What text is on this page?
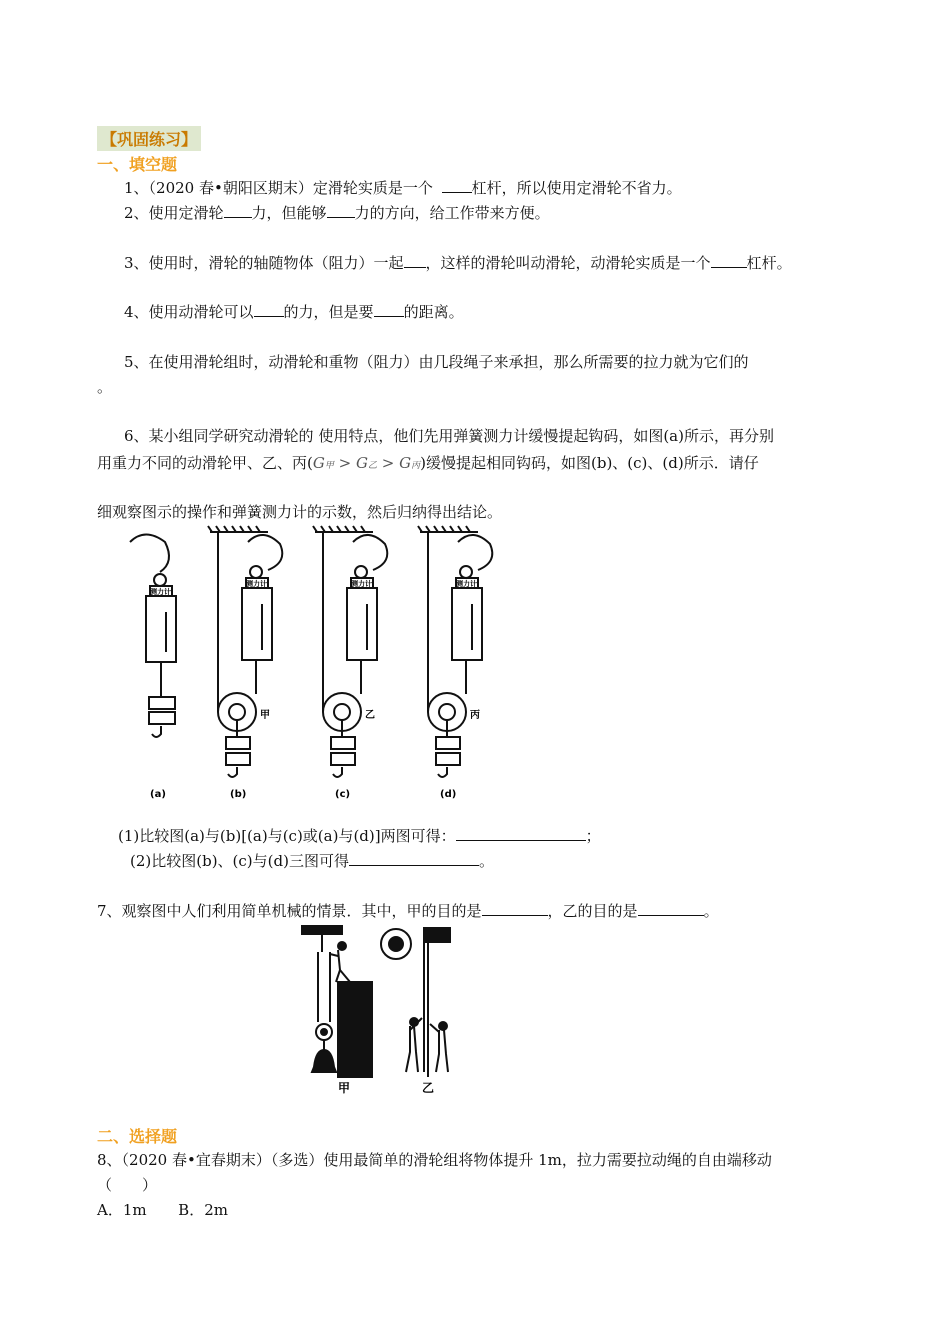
【巩固练习】
一、填空题
1、（2020 春•朝阳区期末）定滑轮实质是一个	杠杆，所以使用定滑轮不省力。
2、使用定滑轮 力，但能够 力的方向，给工作带来方便。
3、使用时，滑轮的轴随物体（阻力）一起 ，这样的滑轮叫动滑轮，动滑轮实质是一个 杠杆。
4、使用动滑轮可以 的力，但是要 的距离。
5、在使用滑轮组时，动滑轮和重物（阻力）由几段绳子来承担，那么所需要的拉力就为它们的
。
6、某小组同学研究动滑轮的 使用特点，他们先用弹簧测力计缓慢提起钩码，如图(a)所示，再分别
用重力不同的动滑轮甲、乙、丙(G甲 > G乙 > G丙)缓慢提起相同钩码，如图(b)、(c)、(d)所示．请仔
细观察图示的操作和弹簧测力计的示数，然后归纳得出结论。
测力计
测力计	测力计	测力计
甲	乙	丙
(a)	(b)	(c)	(d)
(1)比较图(a)与(b)[(a)与(c)或(a)与(d)]两图可得：	；
(2)比较图(b)、(c)与(d)三图可得	。
7、观察图中人们利用简单机械的情景．其中，甲的目的是	，乙的目的是	。
甲	乙
二、选择题
8、（2020 春•宜春期末）（多选）使用最简单的滑轮组将物体提升 1m，拉力需要拉动绳的自由端移动
（　　）
A．1m B．2m
